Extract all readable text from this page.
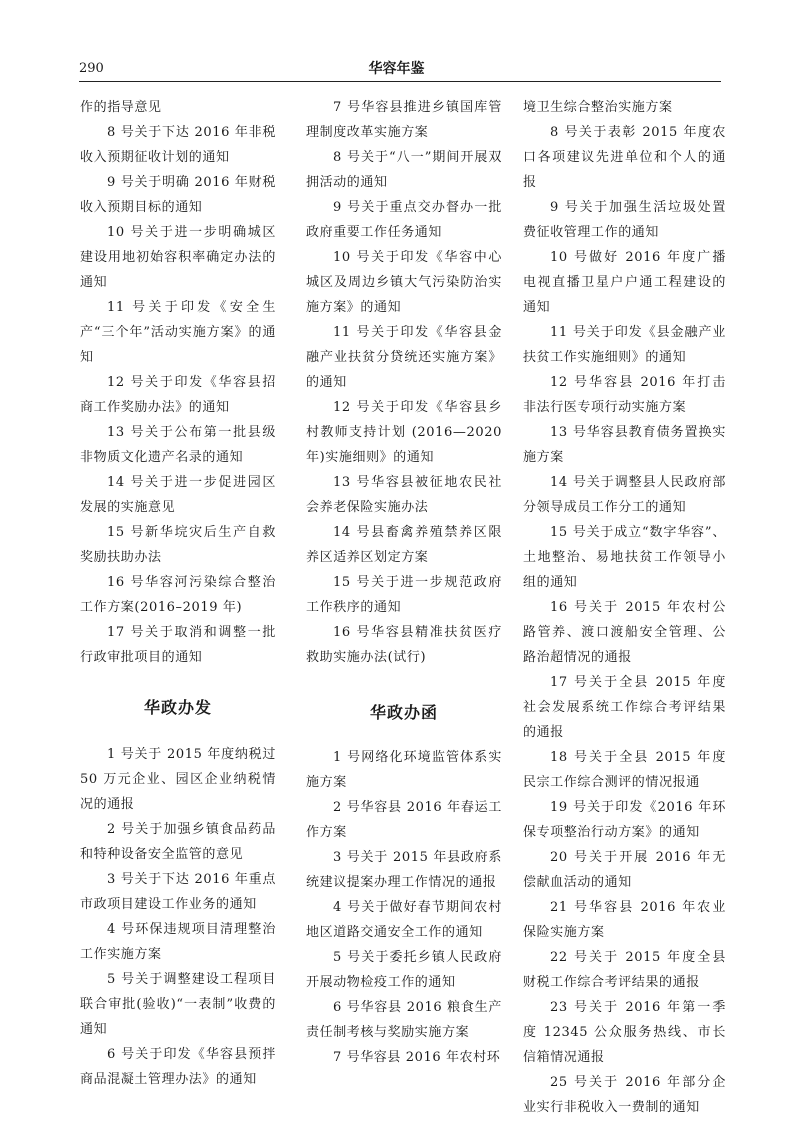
290	华容年鉴

作的指导意见

8 号关于下达 2016 年非税收入预期征收计划的通知

9 号关于明确 2016 年财税收入预期目标的通知

10 号关于进一步明确城区建设用地初始容积率确定办法的通知

11 号关于印发《安全生产“三个年”活动实施方案》的通知

12 号关于印发《华容县招商工作奖励办法》的通知

13 号关于公布第一批县级非物质文化遗产名录的通知

14 号关于进一步促进园区发展的实施意见

15 号新华垸灾后生产自救奖励扶助办法

16 号华容河污染综合整治工作方案(2016–2019 年)

17 号关于取消和调整一批行政审批项目的通知

华政办发

1 号关于 2015 年度纳税过 50 万元企业、园区企业纳税情况的通报

2 号关于加强乡镇食品药品和特种设备安全监管的意见

3 号关于下达 2016 年重点市政项目建设工作业务的通知

4 号环保违规项目清理整治工作实施方案

5 号关于调整建设工程项目联合审批(验收)“一表制”收费的通知

6 号关于印发《华容县预拌商品混凝土管理办法》的通知

7 号华容县推进乡镇国库管理制度改革实施方案

8 号关于“八一”期间开展双拥活动的通知

9 号关于重点交办督办一批政府重要工作任务通知

10 号关于印发《华容中心城区及周边乡镇大气污染防治实施方案》的通知

11 号关于印发《华容县金融产业扶贫分贷统还实施方案》的通知

12 号关于印发《华容县乡村教师支持计划 (2016—2020 年)实施细则》的通知

13 号华容县被征地农民社会养老保险实施办法

14 号县畜禽养殖禁养区限养区适养区划定方案

15 号关于进一步规范政府工作秩序的通知

16 号华容县精准扶贫医疗救助实施办法(试行)

华政办函

1 号网络化环境监管体系实施方案

2 号华容县 2016 年春运工作方案

3 号关于 2015 年县政府系统建议提案办理工作情况的通报

4 号关于做好春节期间农村地区道路交通安全工作的通知

5 号关于委托乡镇人民政府开展动物检疫工作的通知

6 号华容县 2016 粮食生产责任制考核与奖励实施方案

7 号华容县 2016 年农村环

境卫生综合整治实施方案

8 号关于表彰 2015 年度农口各项建议先进单位和个人的通报

9 号关于加强生活垃圾处置费征收管理工作的通知

10 号做好 2016 年度广播电视直播卫星户户通工程建设的通知

11 号关于印发《县金融产业扶贫工作实施细则》的通知

12 号华容县 2016 年打击非法行医专项行动实施方案

13 号华容县教育债务置换实施方案

14 号关于调整县人民政府部分领导成员工作分工的通知

15 号关于成立“数字华容”、土地整治、易地扶贫工作领导小组的通知

16 号关于 2015 年农村公路管养、渡口渡船安全管理、公路治超情况的通报

17 号关于全县 2015 年度社会发展系统工作综合考评结果的通报

18 号关于全县 2015 年度民宗工作综合测评的情况报通

19 号关于印发《2016 年环保专项整治行动方案》的通知

20 号关于开展 2016 年无偿献血活动的通知

21 号华容县 2016 年农业保险实施方案

22 号关于 2015 年度全县财税工作综合考评结果的通报

23 号关于 2016 年第一季度 12345 公众服务热线、市长信箱情况通报

25 号关于 2016 年部分企业实行非税收入一费制的通知
